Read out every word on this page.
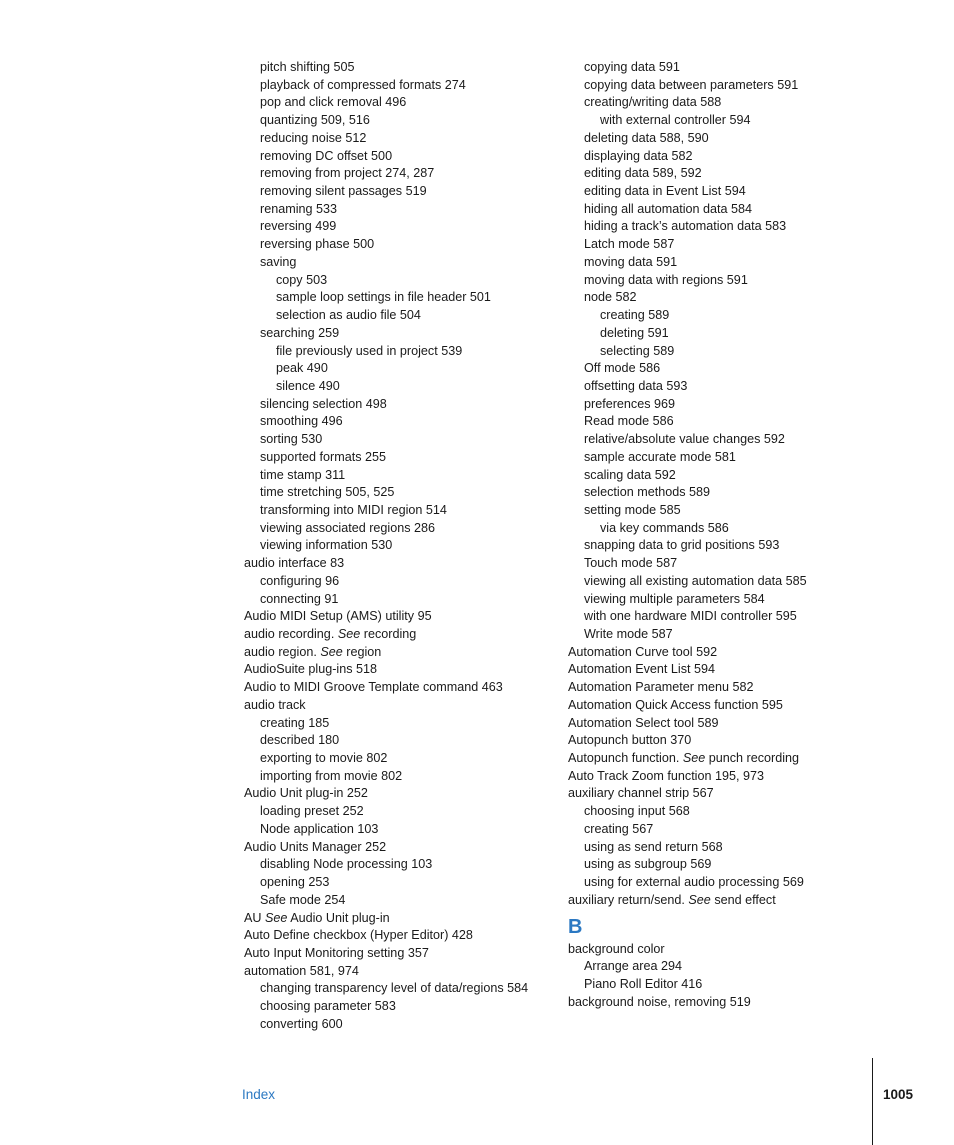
pitch shifting 505
playback of compressed formats 274
pop and click removal 496
quantizing 509, 516
reducing noise 512
removing DC offset 500
removing from project 274, 287
removing silent passages 519
renaming 533
reversing 499
reversing phase 500
saving
copy 503
sample loop settings in file header 501
selection as audio file 504
searching 259
file previously used in project 539
peak 490
silence 490
silencing selection 498
smoothing 496
sorting 530
supported formats 255
time stamp 311
time stretching 505, 525
transforming into MIDI region 514
viewing associated regions 286
viewing information 530
audio interface 83
configuring 96
connecting 91
Audio MIDI Setup (AMS) utility 95
audio recording. See recording
audio region. See region
AudioSuite plug-ins 518
Audio to MIDI Groove Template command 463
audio track
creating 185
described 180
exporting to movie 802
importing from movie 802
Audio Unit plug-in 252
loading preset 252
Node application 103
Audio Units Manager 252
disabling Node processing 103
opening 253
Safe mode 254
AU See Audio Unit plug-in
Auto Define checkbox (Hyper Editor) 428
Auto Input Monitoring setting 357
automation 581, 974
changing transparency level of data/regions 584
choosing parameter 583
converting 600
copying data 591
copying data between parameters 591
creating/writing data 588
with external controller 594
deleting data 588, 590
displaying data 582
editing data 589, 592
editing data in Event List 594
hiding all automation data 584
hiding a track’s automation data 583
Latch mode 587
moving data 591
moving data with regions 591
node 582
creating 589
deleting 591
selecting 589
Off mode 586
offsetting data 593
preferences 969
Read mode 586
relative/absolute value changes 592
sample accurate mode 581
scaling data 592
selection methods 589
setting mode 585
via key commands 586
snapping data to grid positions 593
Touch mode 587
viewing all existing automation data 585
viewing multiple parameters 584
with one hardware MIDI controller 595
Write mode 587
Automation Curve tool 592
Automation Event List 594
Automation Parameter menu 582
Automation Quick Access function 595
Automation Select tool 589
Autopunch button 370
Autopunch function. See punch recording
Auto Track Zoom function 195, 973
auxiliary channel strip 567
choosing input 568
creating 567
using as send return 568
using as subgroup 569
using for external audio processing 569
auxiliary return/send. See send effect
B
background color
Arrange area 294
Piano Roll Editor 416
background noise, removing 519
Index	1005
